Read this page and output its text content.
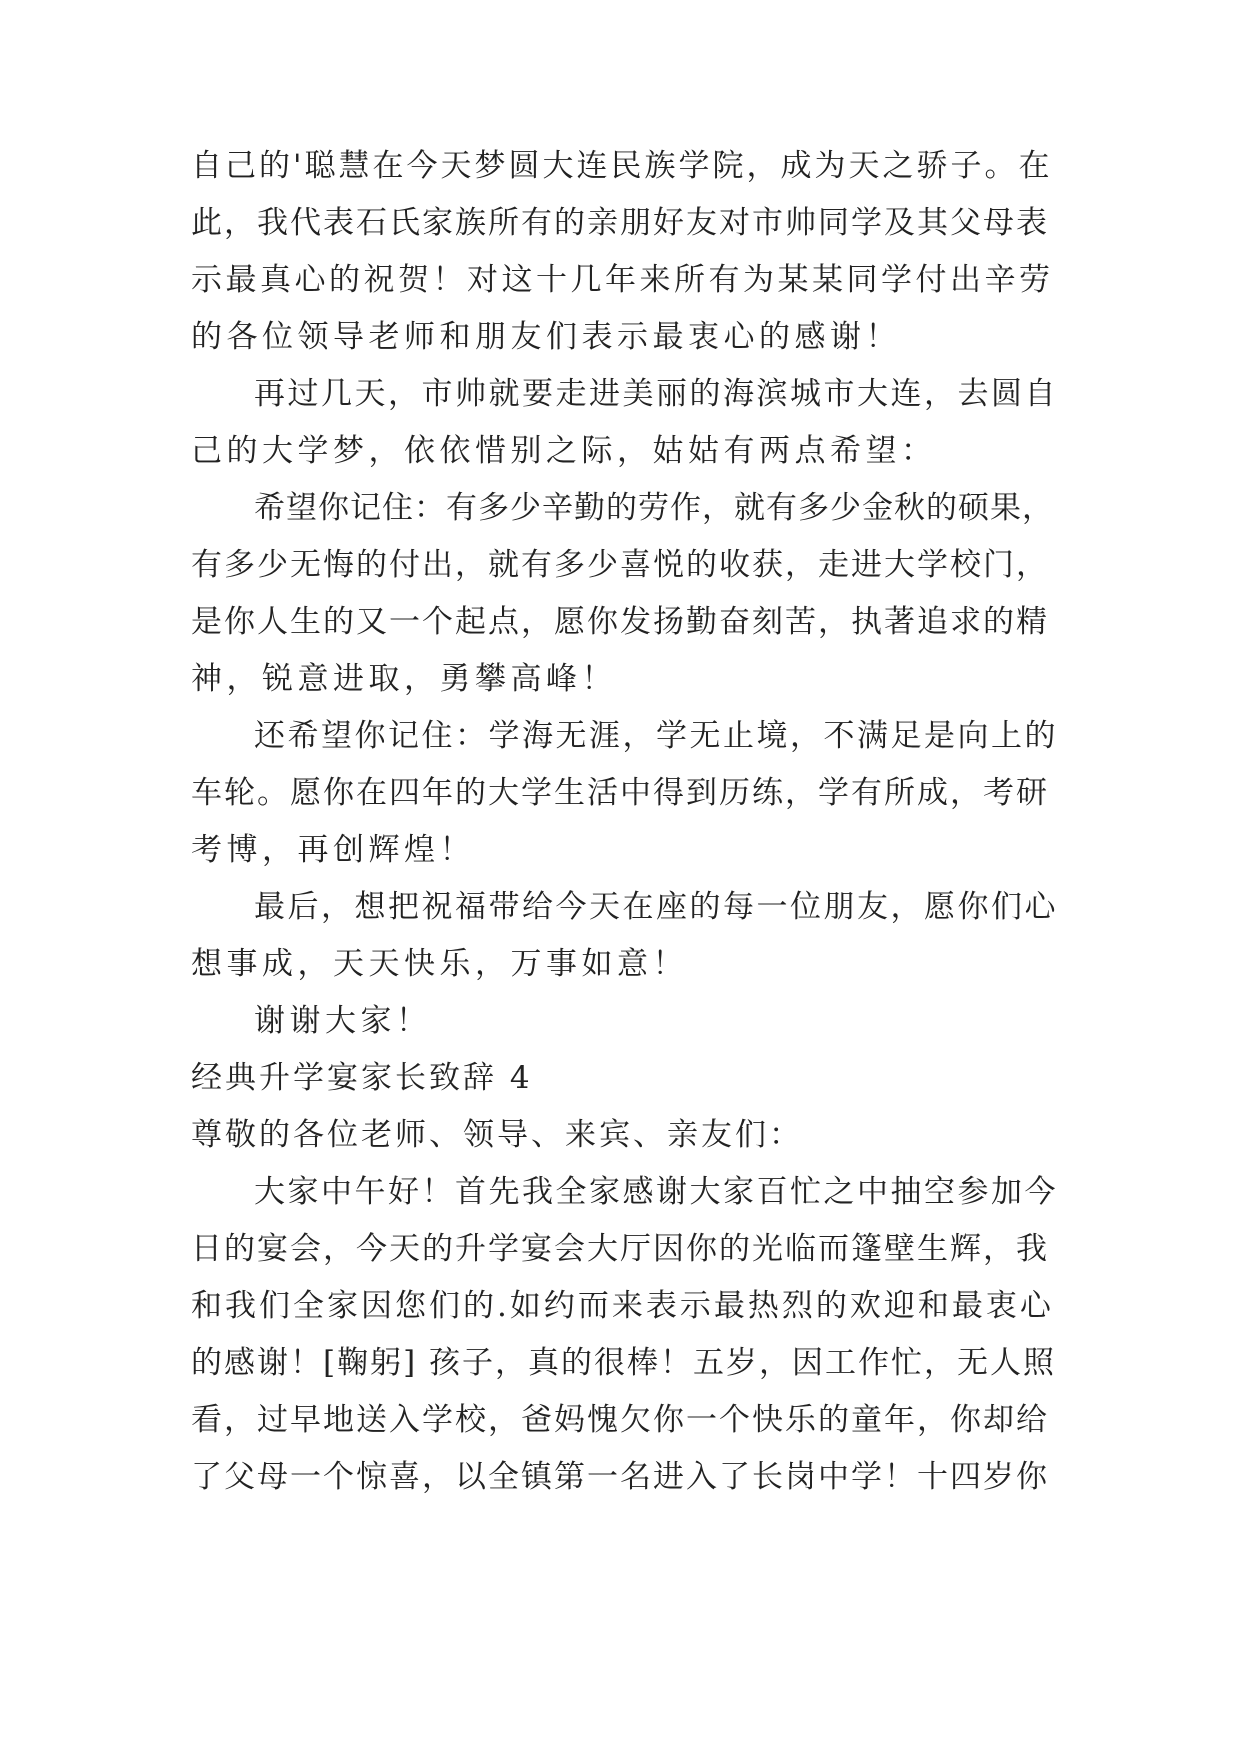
自己的'聪慧在今天梦圆大连民族学院，成为天之骄子。在
此，我代表石氏家族所有的亲朋好友对市帅同学及其父母表
示最真心的祝贺！对这十几年来所有为某某同学付出辛劳
的各位领导老师和朋友们表示最衷心的感谢！
再过几天，市帅就要走进美丽的海滨城市大连，去圆自
己的大学梦，依依惜别之际，姑姑有两点希望：
希望你记住：有多少辛勤的劳作，就有多少金秋的硕果，
有多少无悔的付出，就有多少喜悦的收获，走进大学校门，
是你人生的又一个起点，愿你发扬勤奋刻苦，执著追求的精
神，锐意进取，勇攀高峰！
还希望你记住：学海无涯，学无止境，不满足是向上的
车轮。愿你在四年的大学生活中得到历练，学有所成，考研
考博，再创辉煌！
最后，想把祝福带给今天在座的每一位朋友，愿你们心
想事成，天天快乐，万事如意！
谢谢大家！
经典升学宴家长致辞 4
尊敬的各位老师、领导、来宾、亲友们：
大家中午好！首先我全家感谢大家百忙之中抽空参加今
日的宴会，今天的升学宴会大厅因你的光临而篷壁生辉，我
和我们全家因您们的.如约而来表示最热烈的欢迎和最衷心
的感谢！[鞠躬] 孩子，真的很棒！五岁，因工作忙，无人照
看，过早地送入学校，爸妈愧欠你一个快乐的童年，你却给
了父母一个惊喜，以全镇第一名进入了长岗中学！十四岁你
